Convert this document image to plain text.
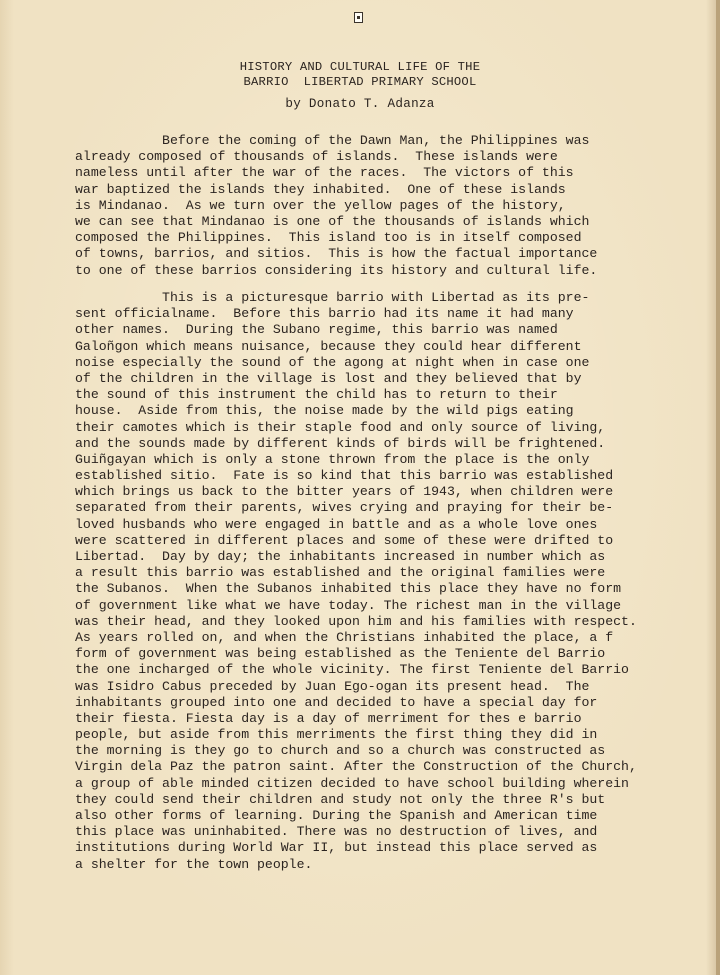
HISTORY AND CULTURAL LIFE OF THE
BARRIO  LIBERTAD PRIMARY SCHOOL
by Donato T. Adanza
Before the coming of the Dawn Man, the Philippines was
already composed of thousands of islands.  These islands were
nameless until after the war of the races.  The victors of this
war baptized the islands they inhabited.  One of these islands
is Mindanao.  As we turn over the yellow pages of the history,
we can see that Mindanao is one of the thousands of islands which
composed the Philippines.  This island too is in itself composed
of towns, barrios, and sitios.  This is how the factual importance
to one of these barrios considering its history and cultural life.
This is a picturesque barrio with Libertad as its pre-
sent officialname.  Before this barrio had its name it had many
other names.  During the Subano regime, this barrio was named
Galoñgon which means nuisance, because they could hear different
noise especially the sound of the agong at night when in case one
of the children in the village is lost and they believed that by
the sound of this instrument the child has to return to their
house.  Aside from this, the noise made by the wild pigs eating
their camotes which is their staple food and only source of living,
and the sounds made by different kinds of birds will be frightened.
Guiñgayan which is only a stone thrown from the place is the only
established sitio.  Fate is so kind that this barrio was established
which brings us back to the bitter years of 1943, when children were
separated from their parents, wives crying and praying for their be-
loved husbands who were engaged in battle and as a whole love ones
were scattered in different places and some of these were drifted to
Libertad.  Day by day; the inhabitants increased in number which as
a result this barrio was established and the original families were
the Subanos.  When the Subanos inhabited this place they have no form
of government like what we have today. The richest man in the village
was their head, and they looked upon him and his families with respect.
As years rolled on, and when the Christians inhabited the place, a f
form of government was being established as the Teniente del Barrio
the one incharged of the whole vicinity. The first Teniente del Barrio
was Isidro Cabus preceded by Juan Ego-ogan its present head.  The
inhabitants grouped into one and decided to have a special day for
their fiesta. Fiesta day is a day of merriment for thes e barrio
people, but aside from this merriments the first thing they did in
the morning is they go to church and so a church was constructed as
Virgin dela Paz the patron saint. After the Construction of the Church,
a group of able minded citizen decided to have school building wherein
they could send their children and study not only the three R's but
also other forms of learning. During the Spanish and American time
this place was uninhabited. There was no destruction of lives, and
institutions during World War II, but instead this place served as
a shelter for the town people.
